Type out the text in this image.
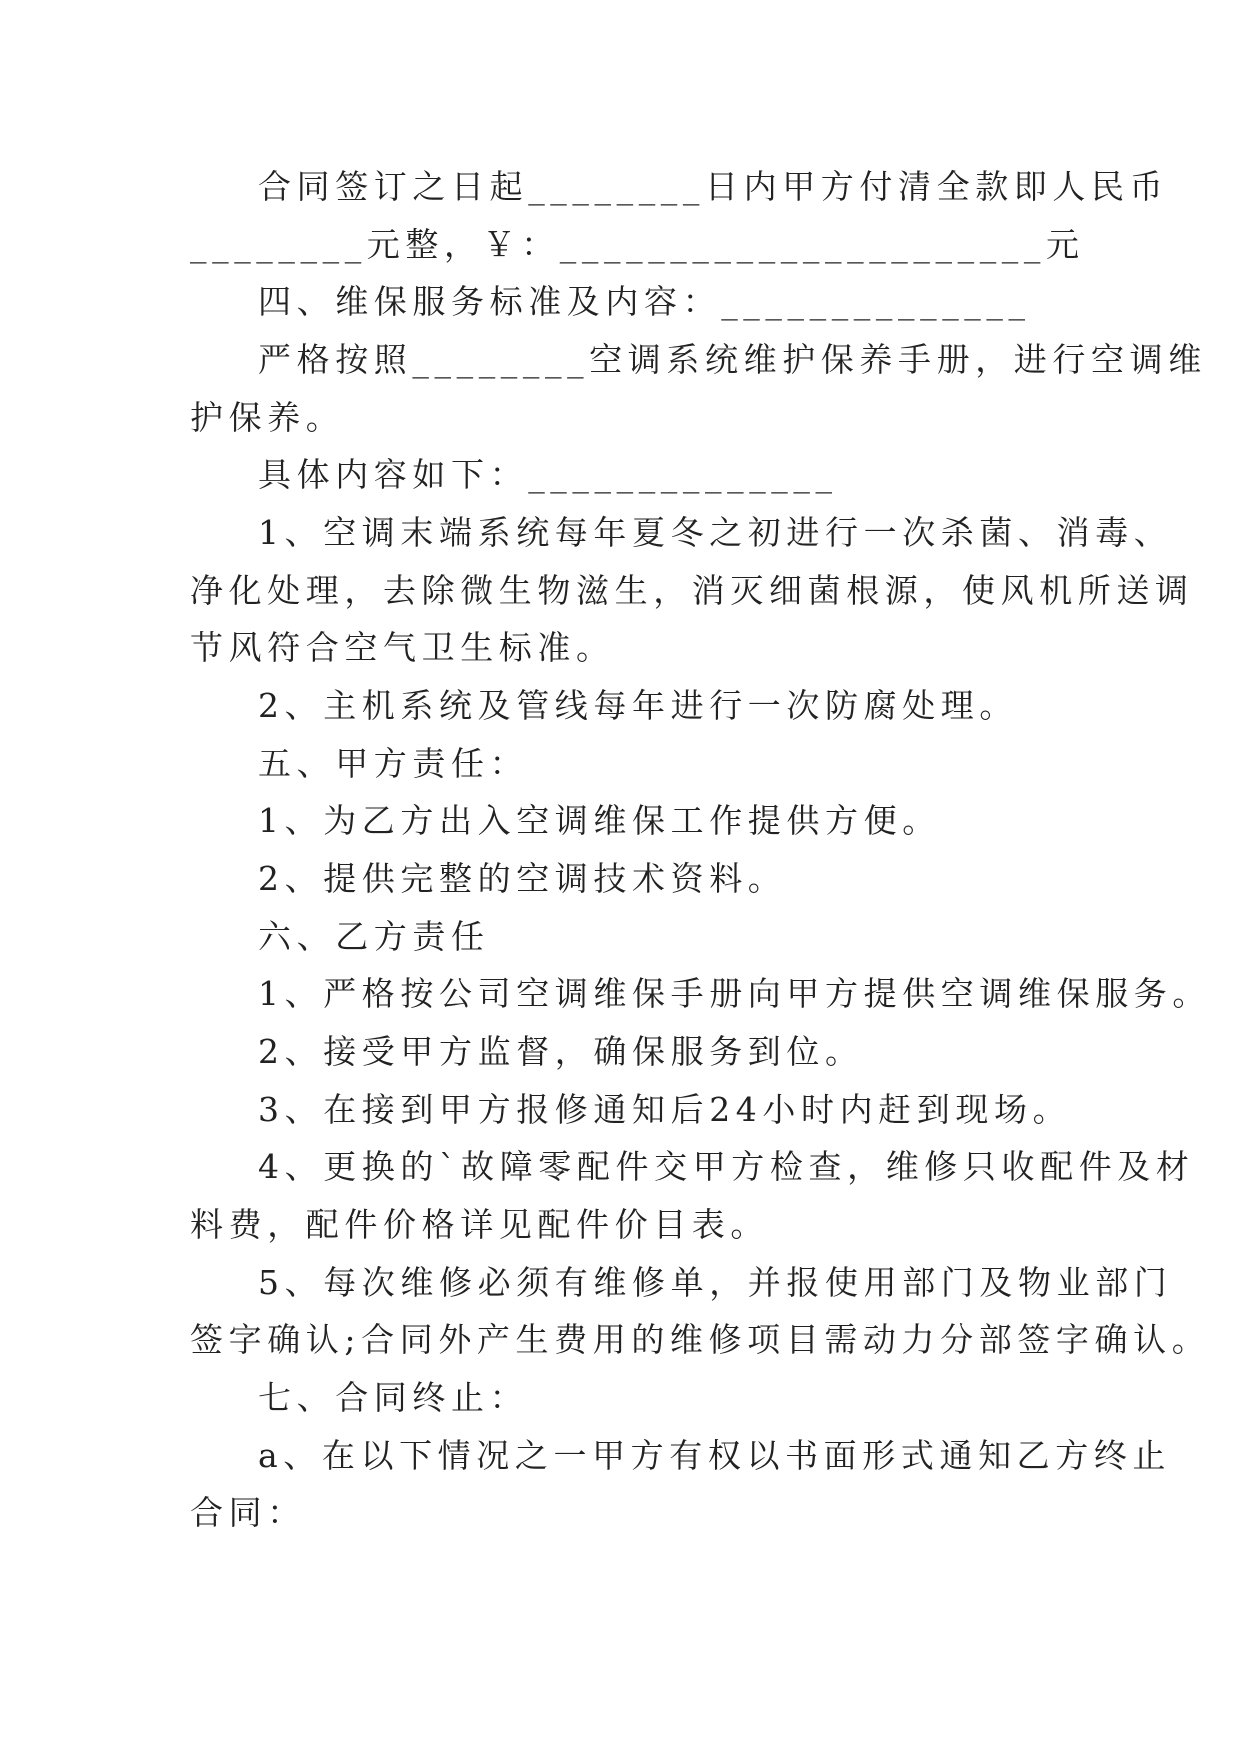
合同签订之日起________日内甲方付清全款即人民币
________元整，￥：______________________元
四、维保服务标准及内容：______________
严格按照________空调系统维护保养手册，进行空调维
护保养。
具体内容如下：______________
1、空调末端系统每年夏冬之初进行一次杀菌、消毒、
净化处理，去除微生物滋生，消灭细菌根源，使风机所送调
节风符合空气卫生标准。
2、主机系统及管线每年进行一次防腐处理。
五、甲方责任：
1、为乙方出入空调维保工作提供方便。
2、提供完整的空调技术资料。
六、乙方责任
1、严格按公司空调维保手册向甲方提供空调维保服务。
2、接受甲方监督，确保服务到位。
3、在接到甲方报修通知后24小时内赶到现场。
4、更换的`故障零配件交甲方检查，维修只收配件及材
料费，配件价格详见配件价目表。
5、每次维修必须有维修单，并报使用部门及物业部门
签字确认;合同外产生费用的维修项目需动力分部签字确认。
七、合同终止：
a、在以下情况之一甲方有权以书面形式通知乙方终止
合同：
